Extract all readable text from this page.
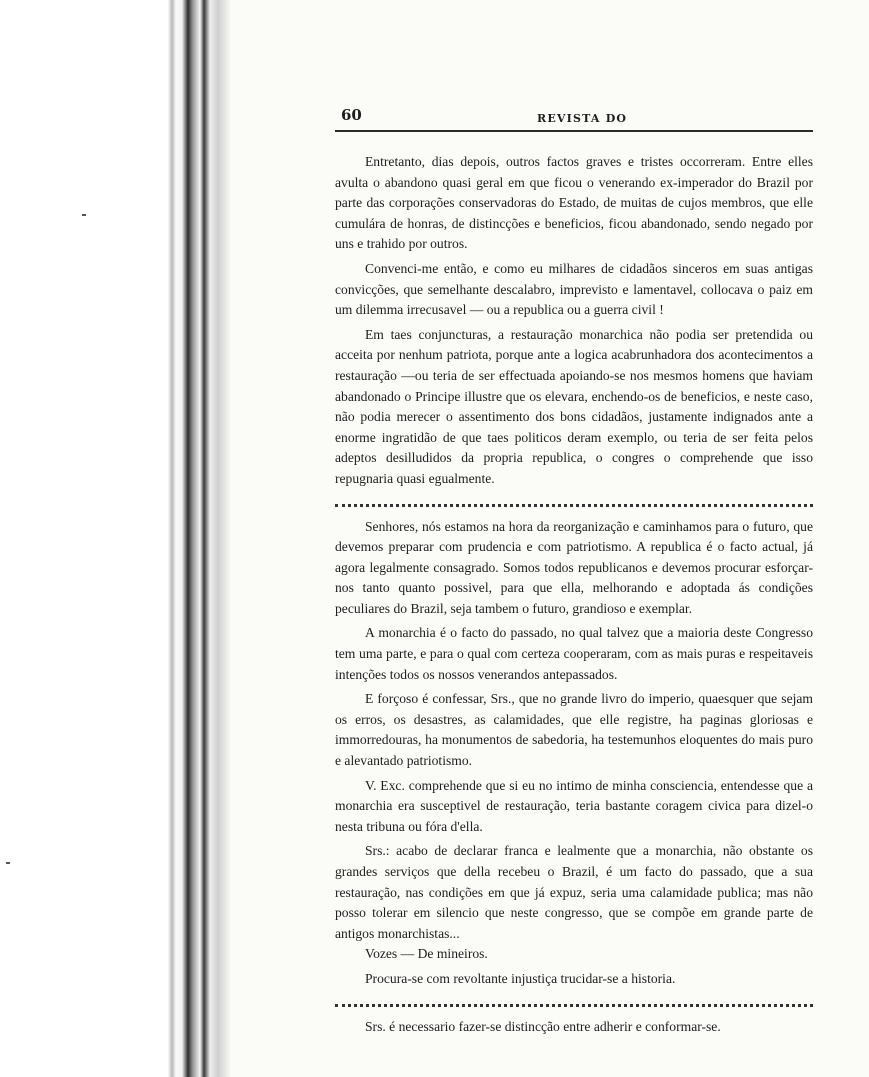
60	REVISTA DO

Entretanto, dias depois, outros factos graves e tristes occorreram. Entre elles avulta o abandono quasi geral em que ficou o venerando ex-imperador do Brazil por parte das corporações conservadoras do Estado, de muitas de cujos membros, que elle cumulára de honras, de distincções e beneficios, ficou abandonado, sendo negado por uns e trahido por outros.

Convenci-me então, e como eu milhares de cidadãos sinceros em suas antigas convicções, que semelhante descalabro, imprevisto e lamentavel, collocava o paiz em um dilemma irrecusavel — ou a republica ou a guerra civil !

Em taes conjuncturas, a restauração monarchica não podia ser pretendida ou acceita por nenhum patriota, porque ante a logica acabrunhadora dos acontecimentos a restauração —ou teria de ser effectuada apoiando-se nos mesmos homens que haviam abandonado o Principe illustre que os elevara, enchendo-os de beneficios, e neste caso, não podia merecer o assentimento dos bons cidadãos, justamente indignados ante a enorme ingratidão de que taes politicos deram exemplo, ou teria de ser feita pelos adeptos desilludidos da propria republica, o congres o comprehende que isso repugnaria quasi egualmente.

Senhores, nós estamos na hora da reorganização e caminhamos para o futuro, que devemos preparar com prudencia e com patriotismo. A republica é o facto actual, já agora legalmente consagrado. Somos todos republicanos e devemos procurar esforçar-nos tanto quanto possivel, para que ella, melhorando e adoptada ás condições peculiares do Brazil, seja tambem o futuro, grandioso e exemplar.

A monarchia é o facto do passado, no qual talvez que a maioria deste Congresso tem uma parte, e para o qual com certeza cooperaram, com as mais puras e respeitaveis intenções todos os nossos venerandos antepassados.

E forçoso é confessar, Srs., que no grande livro do imperio, quaesquer que sejam os erros, os desastres, as calamidades, que elle registre, ha paginas gloriosas e immorredouras, ha monumentos de sabedoria, ha testemunhos eloquentes do mais puro e alevantado patriotismo.

V. Exc. comprehende que si eu no intimo de minha consciencia, entendesse que a monarchia era susceptivel de restauração, teria bastante coragem civica para dizel-o nesta tribuna ou fóra d'ella.

Srs.: acabo de declarar franca e lealmente que a monarchia, não obstante os grandes serviços que della recebeu o Brazil, é um facto do passado, que a sua restauração, nas condições em que já expuz, seria uma calamidade publica; mas não posso tolerar em silencio que neste congresso, que se compõe em grande parte de antigos monarchistas...

Vozes — De mineiros.

Procura-se com revoltante injustiça trucidar-se a historia.

Srs. é necessario fazer-se distincção entre adherir e conformar-se.
